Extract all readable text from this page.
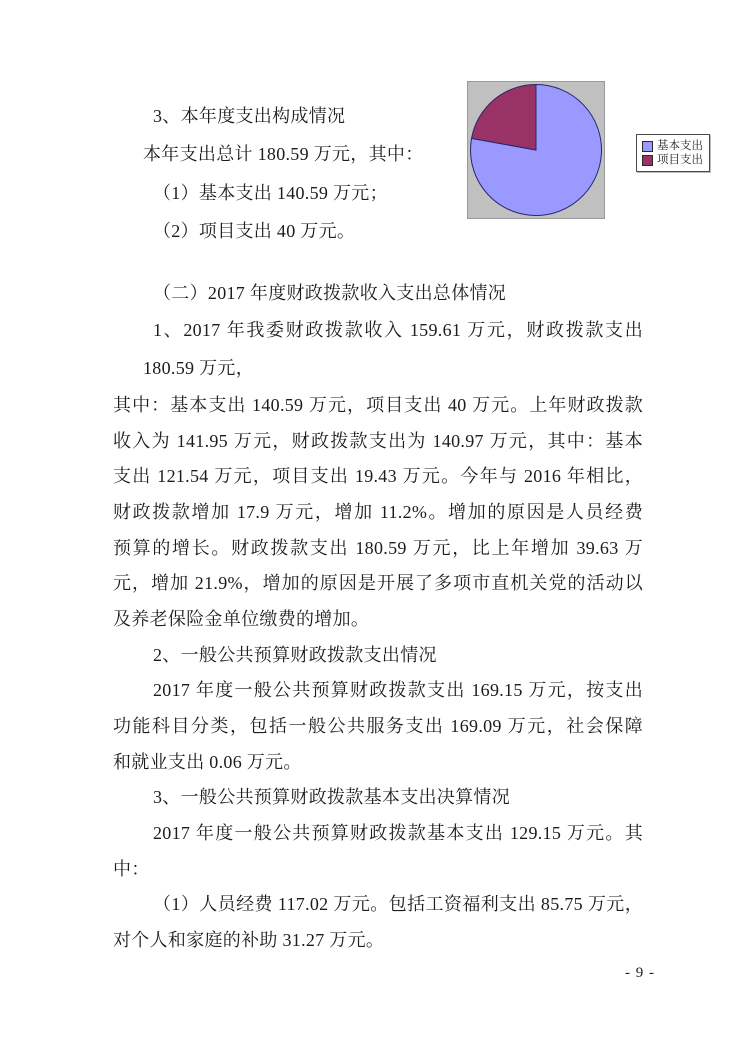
3、本年度支出构成情况
本年支出总计 180.59 万元，其中：
（1）基本支出 140.59 万元；
（2）项目支出 40 万元。
（二）2017 年度财政拨款收入支出总体情况
1、2017 年我委财政拨款收入 159.61 万元，财政拨款支出
180.59 万元，
其中：基本支出 140.59 万元，项目支出 40 万元。上年财政拨款
收入为 141.95 万元，财政拨款支出为 140.97 万元，其中：基本
支出 121.54 万元，项目支出 19.43 万元。今年与 2016 年相比，
财政拨款增加 17.9 万元，增加 11.2%。增加的原因是人员经费
预算的增长。财政拨款支出 180.59 万元，比上年增加 39.63 万
元，增加 21.9%，增加的原因是开展了多项市直机关党的活动以
及养老保险金单位缴费的增加。
2、一般公共预算财政拨款支出情况
2017 年度一般公共预算财政拨款支出 169.15 万元，按支出
功能科目分类，包括一般公共服务支出 169.09 万元，社会保障
和就业支出 0.06 万元。
3、一般公共预算财政拨款基本支出决算情况
2017 年度一般公共预算财政拨款基本支出 129.15 万元。其
中：
（1）人员经费 117.02 万元。包括工资福利支出 85.75 万元，
对个人和家庭的补助 31.27 万元。
基本支出
项目支出
- 9 -
